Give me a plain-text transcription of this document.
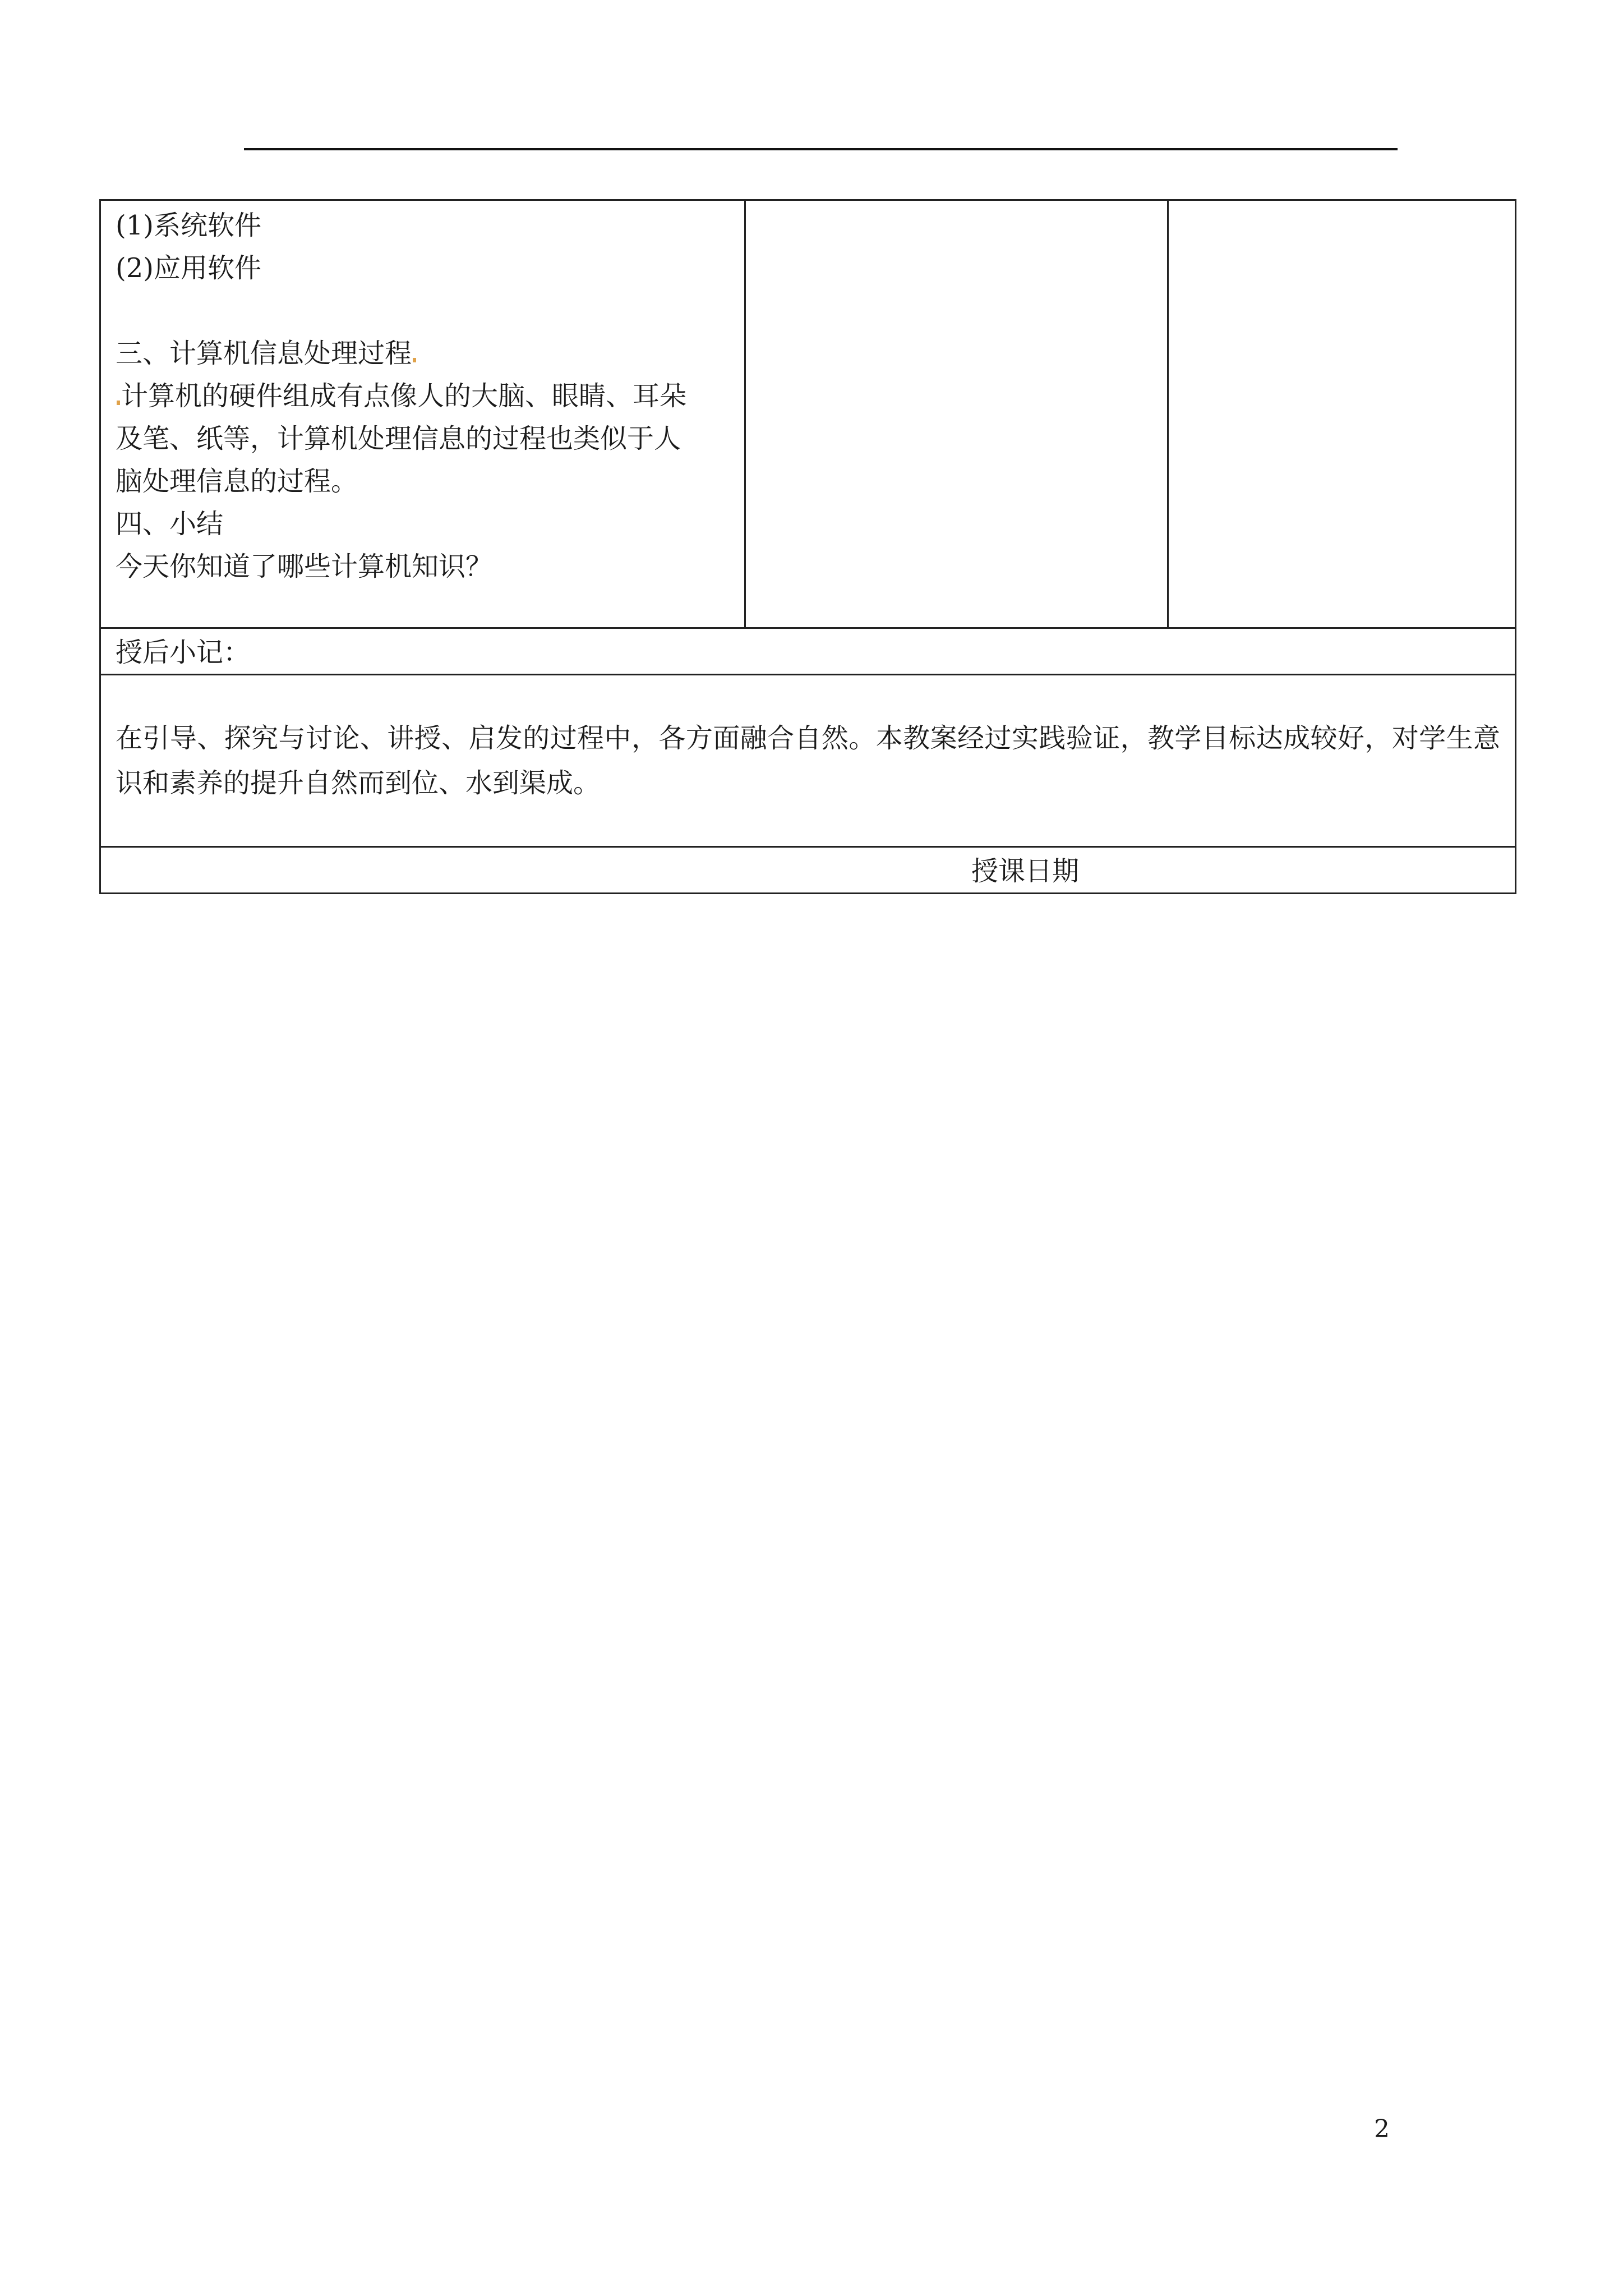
(1)系统软件
(2)应用软件
三、计算机信息处理过程
计算机的硬件组成有点像人的大脑、眼睛、耳朵
及笔、纸等，计算机处理信息的过程也类似于人
脑处理信息的过程。
四、小结
今天你知道了哪些计算机知识？

授后小记：

在引导、探究与讨论、讲授、启发的过程中，各方面融合自然。本教案经过实践验证，教学目标达成较好，对学生意识和素养的提升自然而到位、水到渠成。

授课日期
2
